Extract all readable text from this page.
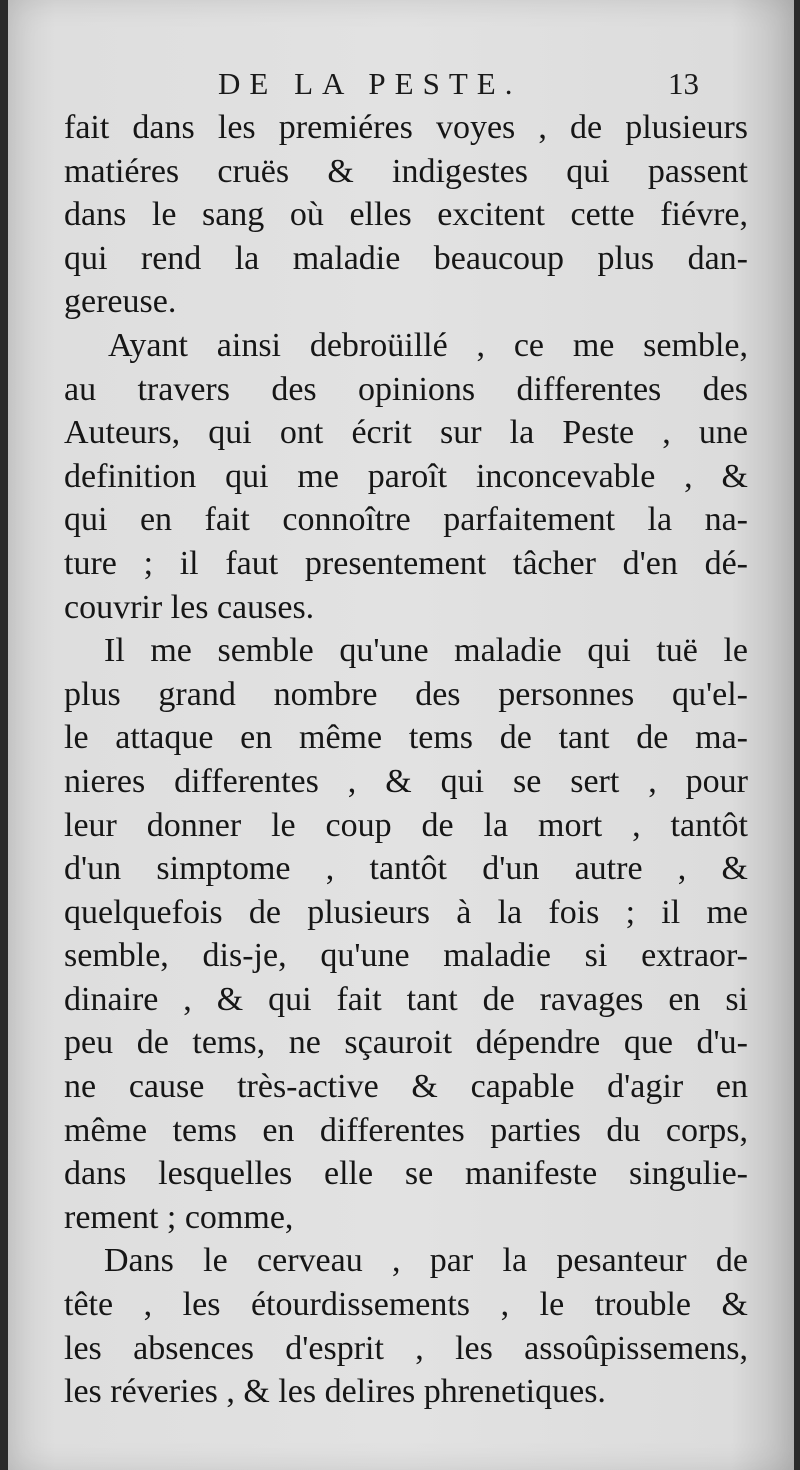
DE LA PESTE.	13
fait dans les premiéres voyes , de plusieurs
matiéres cruës & indigestes qui passent
dans le sang où elles excitent cette fiévre,
qui rend la maladie beaucoup plus dan-
gereuse.
Ayant ainsi debroüillé , ce me semble,
au travers des opinions differentes des
Auteurs, qui ont écrit sur la Peste , une
definition qui me paroît inconcevable , &
qui en fait connoître parfaitement la na-
ture ; il faut presentement tâcher d'en dé-
couvrir les causes.
Il me semble qu'une maladie qui tuë le
plus grand nombre des personnes qu'el-
le attaque en même tems de tant de ma-
nieres differentes , & qui se sert , pour
leur donner le coup de la mort , tantôt
d'un simptome , tantôt d'un autre , &
quelquefois de plusieurs à la fois ; il me
semble, dis-je, qu'une maladie si extraor-
dinaire , & qui fait tant de ravages en si
peu de tems, ne sçauroit dépendre que d'u-
ne cause très-active & capable d'agir en
même tems en differentes parties du corps,
dans lesquelles elle se manifeste singulie-
rement ; comme,
Dans le cerveau , par la pesanteur de
tête , les étourdissements , le trouble &
les absences d'esprit , les assoûpissemens,
les réveries , & les delires phrenetiques.
